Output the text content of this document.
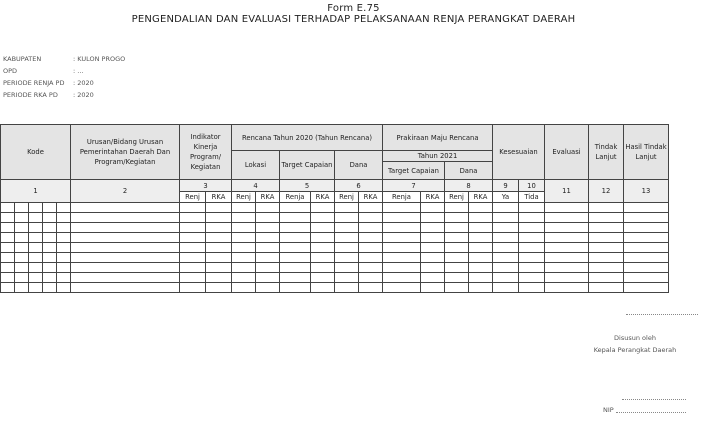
Form E.75
PENGENDALIAN DAN EVALUASI TERHADAP PELAKSANAAN RENJA PERANGKAT DAERAH
KABUPATEN	: KULON PROGO
OPD	: ...
PERIODE RENJA PD	: 2020
PERIODE RKA PD	: 2020
Kode					Urusan/Bidang Urusan Pemerintahan Daerah Dan Program/Kegiatan	Indikator Kinerja Program/ Kegiatan		Rencana Tahun 2020 (Tahun Rencana)						Prakiraan Maju Rencana				Kesesuaian		Evaluasi	Tindak Lanjut	Hasil Tindak Lanjut
								Lokasi		Target Capaian		Dana		Tahun 2021								
														Target Capaian		Dana						
1					2	3		4		5		6		7		8		9	10	11	12	13
						Renj	RKA	Renj	RKA	Renja	RKA	Renj	RKA	Renja	RKA	Renj	RKA	Ya	Tida			

Disusun oleh
Kepala Perangkat Daerah
NIP
